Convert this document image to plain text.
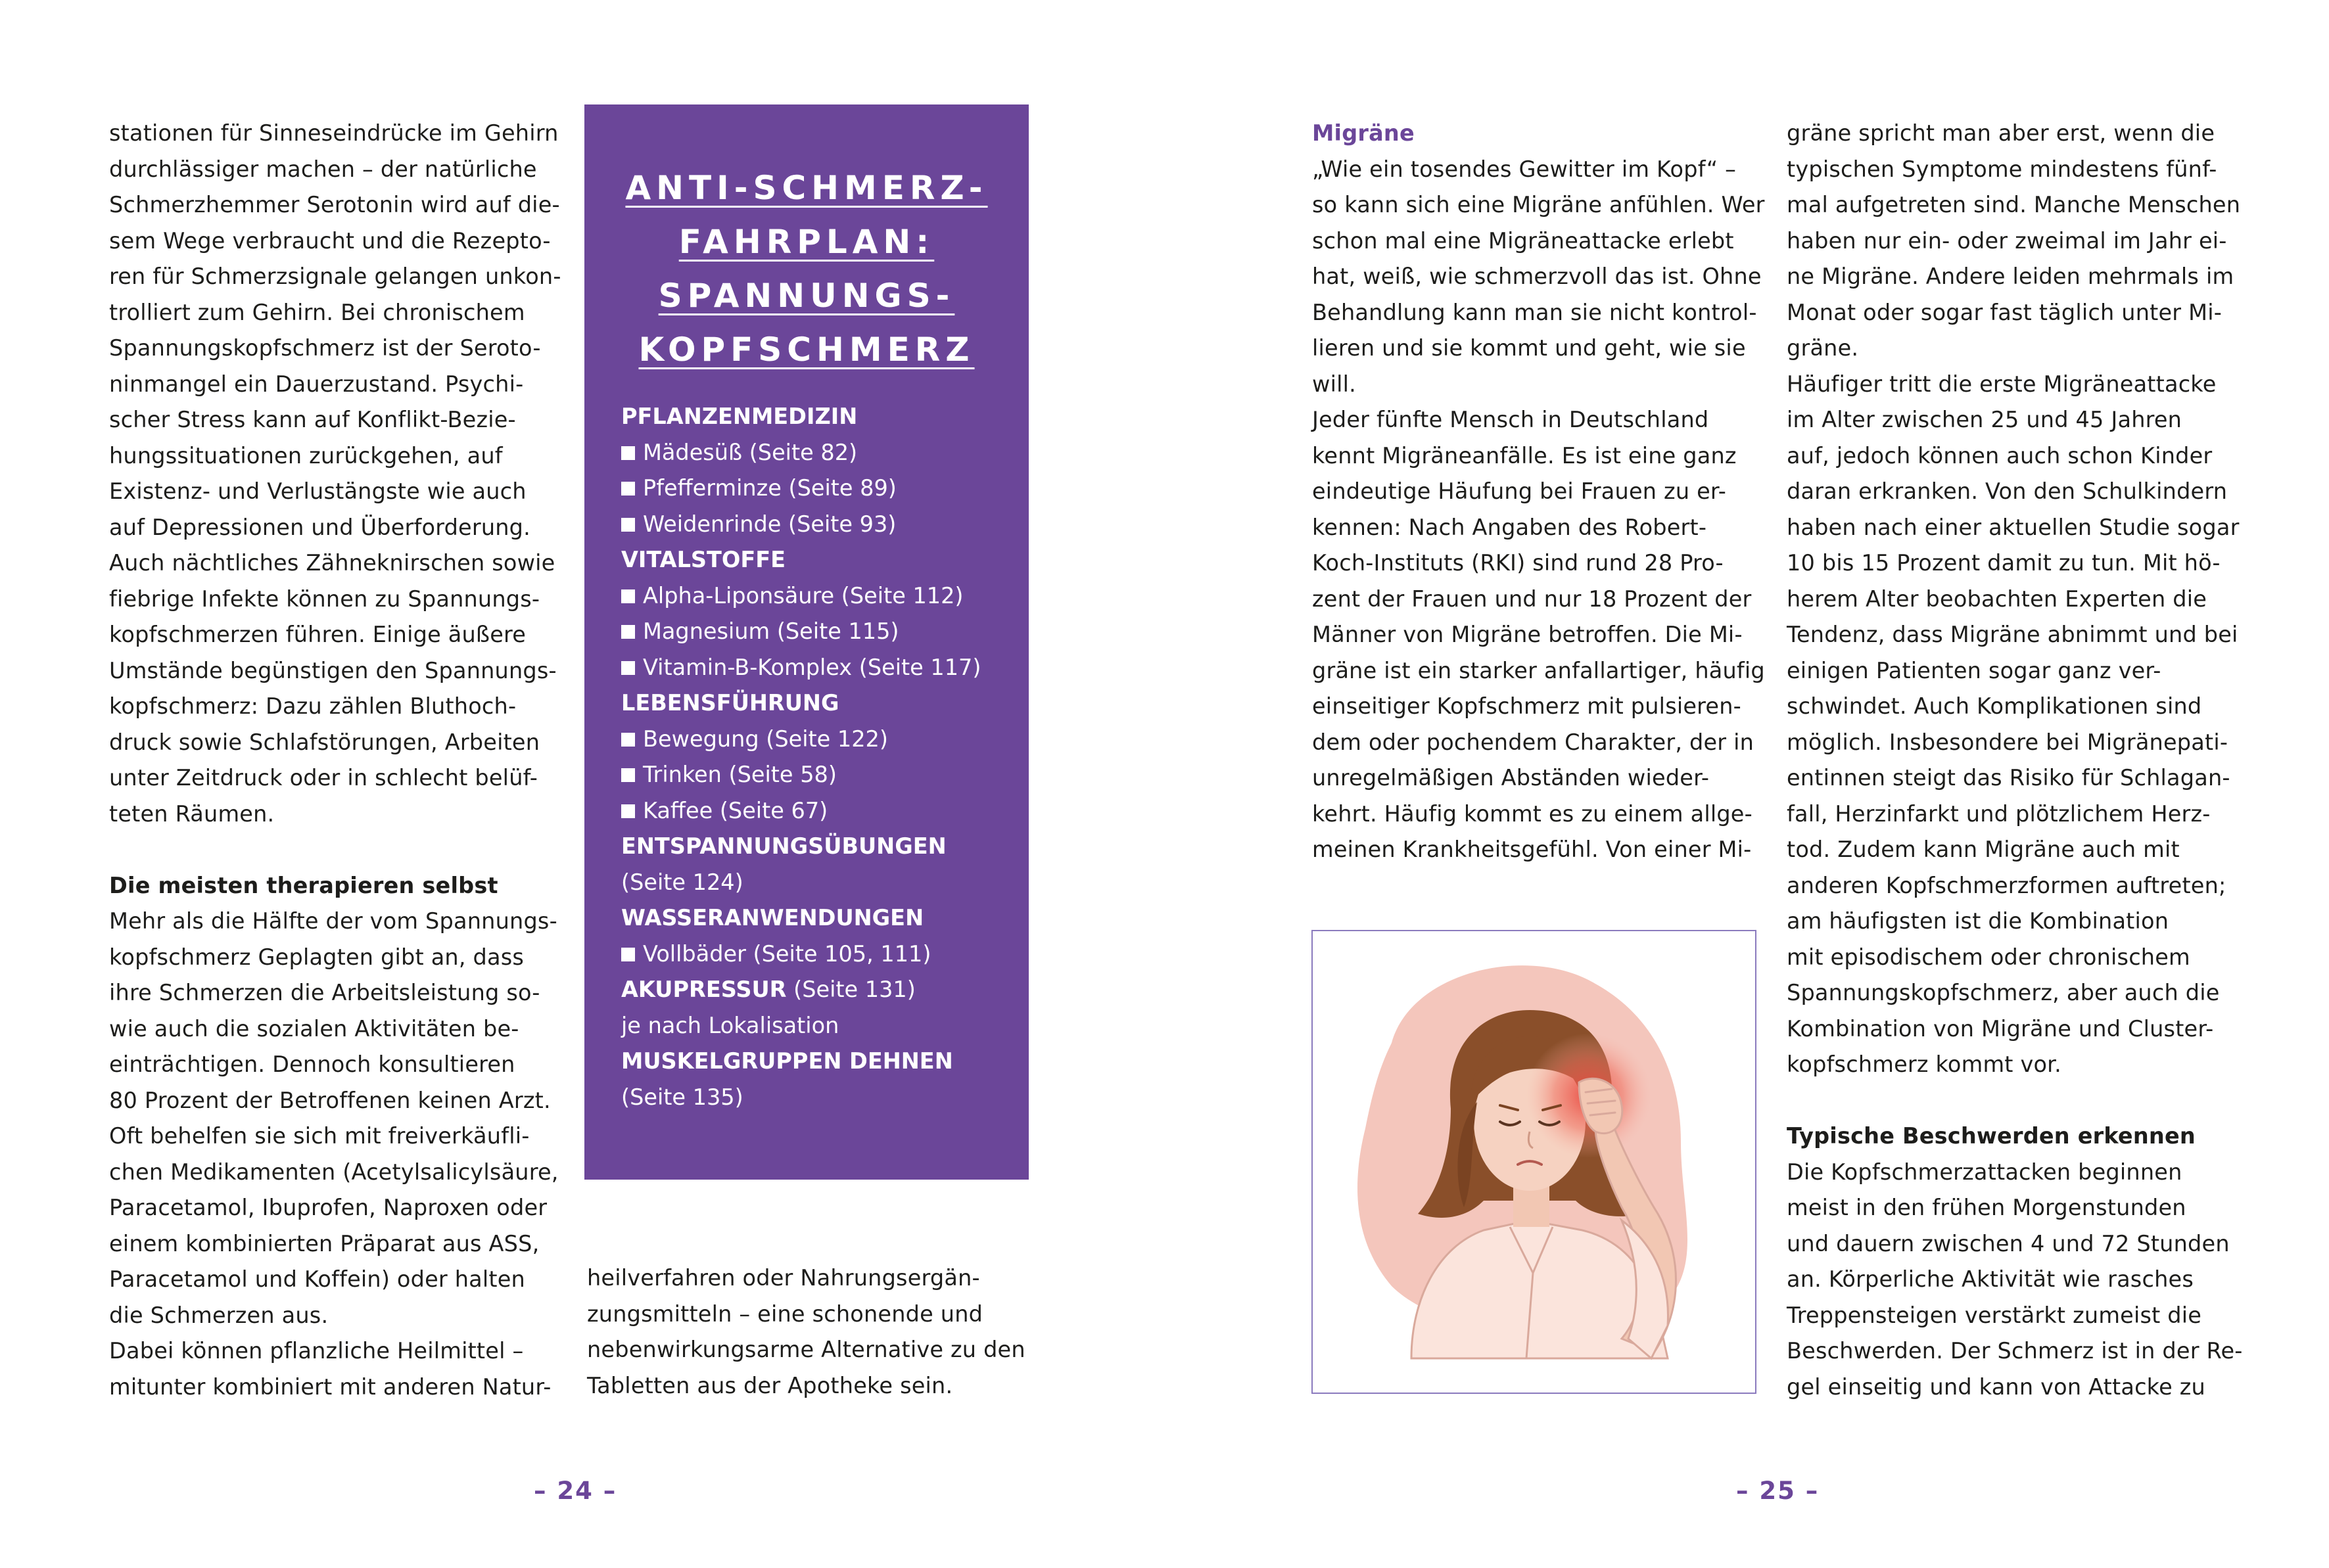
stationen für Sinneseindrücke im Gehirn

durchlässiger machen – der natürliche

Schmerzhemmer Serotonin wird auf die-

sem Wege verbraucht und die Rezepto-

ren für Schmerzsignale gelangen unkon-

trolliert zum Gehirn. Bei chronischem

Spannungskopfschmerz ist der Seroto-

ninmangel ein Dauerzustand. Psychi-

scher Stress kann auf Konflikt-Bezie-

hungssituationen zurückgehen, auf

Existenz- und Verlustängste wie auch

auf Depressionen und Überforderung.

Auch nächtliches Zähneknirschen sowie

fiebrige Infekte können zu Spannungs-

kopfschmerzen führen. Einige äußere

Umstände begünstigen den Spannungs-

kopfschmerz: Dazu zählen Bluthoch-

druck sowie Schlafstörungen, Arbeiten

unter Zeitdruck oder in schlecht belüf-

teten Räumen.

Die meisten therapieren selbst

Mehr als die Hälfte der vom Spannungs-

kopfschmerz Geplagten gibt an, dass

ihre Schmerzen die Arbeitsleistung so-

wie auch die sozialen Aktivitäten be-

einträchtigen. Dennoch konsultieren

80 Prozent der Betroffenen keinen Arzt.

Oft behelfen sie sich mit freiverkäufli-

chen Medikamenten (Acetylsalicylsäure,

Paracetamol, Ibuprofen, Naproxen oder

einem kombinierten Präparat aus ASS,

Paracetamol und Koffein) oder halten

die Schmerzen aus.

Dabei können pflanzliche Heilmittel –

mitunter kombiniert mit anderen Natur-

ANTI-SCHMERZ-
FAHRPLAN:
SPANNUNGS-
KOPFSCHMERZ

PFLANZENMEDIZIN

Mädesüß (Seite 82)

Pfefferminze (Seite 89)

Weidenrinde (Seite 93)

VITALSTOFFE

Alpha-Liponsäure (Seite 112)

Magnesium (Seite 115)

Vitamin-B-Komplex (Seite 117)

LEBENSFÜHRUNG

Bewegung (Seite 122)

Trinken (Seite 58)

Kaffee (Seite 67)

ENTSPANNUNGSÜBUNGEN

(Seite 124)

WASSERANWENDUNGEN

Vollbäder (Seite 105, 111)

AKUPRESSUR (Seite 131)

je nach Lokalisation

MUSKELGRUPPEN DEHNEN

(Seite 135)

heilverfahren oder Nahrungsergän-

zungsmitteln – eine schonende und

nebenwirkungsarme Alternative zu den

Tabletten aus der Apotheke sein.

– 24 –

Migräne

„Wie ein tosendes Gewitter im Kopf“ –

so kann sich eine Migräne anfühlen. Wer

schon mal eine Migräneattacke erlebt

hat, weiß, wie schmerzvoll das ist. Ohne

Behandlung kann man sie nicht kontrol-

lieren und sie kommt und geht, wie sie

will.

Jeder fünfte Mensch in Deutschland

kennt Migräneanfälle. Es ist eine ganz

eindeutige Häufung bei Frauen zu er-

kennen: Nach Angaben des Robert-

Koch-Instituts (RKI) sind rund 28 Pro-

zent der Frauen und nur 18 Prozent der

Männer von Migräne betroffen. Die Mi-

gräne ist ein starker anfallartiger, häufig

einseitiger Kopfschmerz mit pulsieren-

dem oder pochendem Charakter, der in

unregelmäßigen Abständen wieder-

kehrt. Häufig kommt es zu einem allge-

meinen Krankheitsgefühl. Von einer Mi-

gräne spricht man aber erst, wenn die

typischen Symptome mindestens fünf-

mal aufgetreten sind. Manche Menschen

haben nur ein- oder zweimal im Jahr ei-

ne Migräne. Andere leiden mehrmals im

Monat oder sogar fast täglich unter Mi-

gräne.

Häufiger tritt die erste Migräneattacke

im Alter zwischen 25 und 45 Jahren

auf, jedoch können auch schon Kinder

daran erkranken. Von den Schulkindern

haben nach einer aktuellen Studie sogar

10 bis 15 Prozent damit zu tun. Mit hö-

herem Alter beobachten Experten die

Tendenz, dass Migräne abnimmt und bei

einigen Patienten sogar ganz ver-

schwindet. Auch Komplikationen sind

möglich. Insbesondere bei Migränepati-

entinnen steigt das Risiko für Schlagan-

fall, Herzinfarkt und plötzlichem Herz-

tod. Zudem kann Migräne auch mit

anderen Kopfschmerzformen auftreten;

am häufigsten ist die Kombination

mit episodischem oder chronischem

Spannungskopfschmerz, aber auch die

Kombination von Migräne und Cluster-

kopfschmerz kommt vor.

Typische Beschwerden erkennen

Die Kopfschmerzattacken beginnen

meist in den frühen Morgenstunden

und dauern zwischen 4 und 72 Stunden

an. Körperliche Aktivität wie rasches

Treppensteigen verstärkt zumeist die

Beschwerden. Der Schmerz ist in der Re-

gel einseitig und kann von Attacke zu

– 25 –
